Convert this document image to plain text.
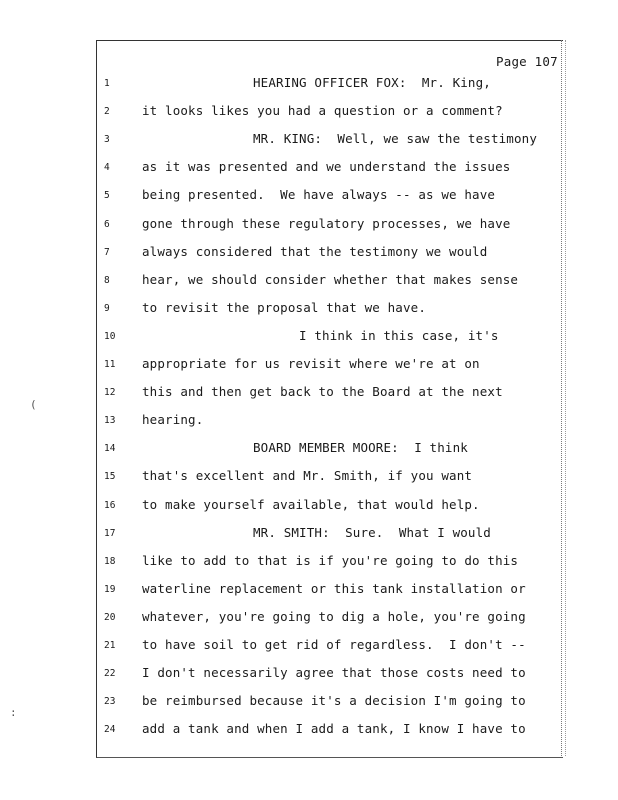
Page 107
1	HEARING OFFICER FOX:  Mr. King,
2	it looks likes you had a question or a comment?
3	MR. KING:  Well, we saw the testimony
4	as it was presented and we understand the issues
5	being presented.  We have always -- as we have
6	gone through these regulatory processes, we have
7	always considered that the testimony we would
8	hear, we should consider whether that makes sense
9	to revisit the proposal that we have.
10	I think in this case, it's
11	appropriate for us revisit where we're at on
12	this and then get back to the Board at the next
13	hearing.
14	BOARD MEMBER MOORE:  I think
15	that's excellent and Mr. Smith, if you want
16	to make yourself available, that would help.
17	MR. SMITH:  Sure.  What I would
18	like to add to that is if you're going to do this
19	waterline replacement or this tank installation or
20	whatever, you're going to dig a hole, you're going
21	to have soil to get rid of regardless.  I don't --
22	I don't necessarily agree that those costs need to
23	be reimbursed because it's a decision I'm going to
24	add a tank and when I add a tank, I know I have to
(
:
